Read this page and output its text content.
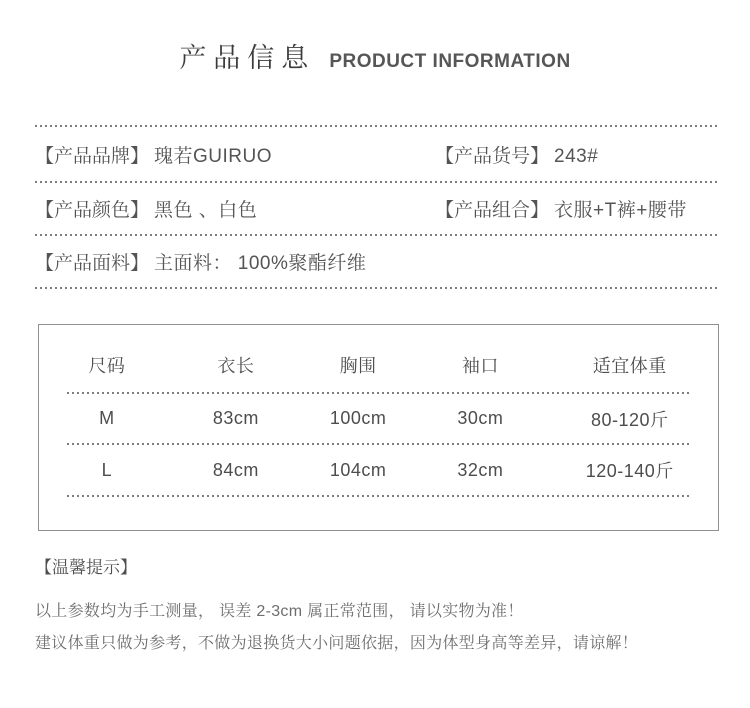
产品信息 PRODUCT INFORMATION
【产品品牌】 瑰若GUIRUO	【产品货号】 243#
【产品颜色】 黑色 、白色	【产品组合】 衣服+T裤+腰带
【产品面料】 主面料： 100%聚酯纤维
尺码	衣长	胸围	袖口	适宜体重
M	83cm	100cm	30cm	80-120斤
L	84cm	104cm	32cm	120-140斤
【温馨提示】
以上参数均为手工测量， 误差 2-3cm 属正常范围， 请以实物为准！
建议体重只做为参考，不做为退换货大小问题依据，因为体型身高等差异，请谅解！
